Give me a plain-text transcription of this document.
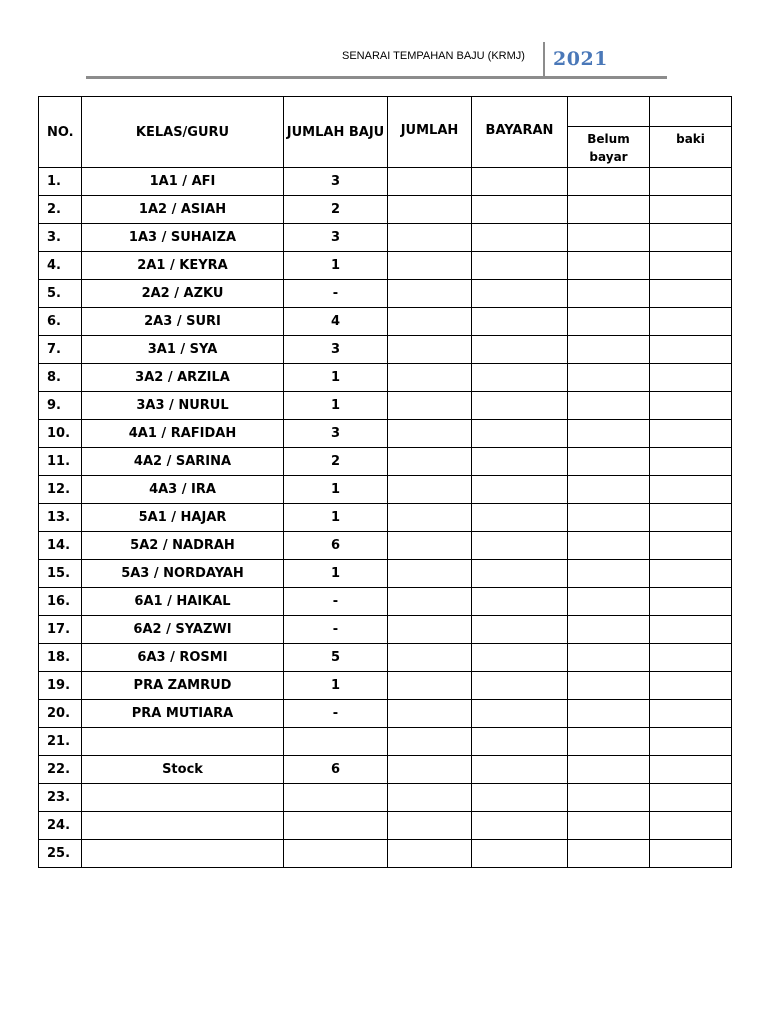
SENARAI TEMPAHAN BAJU (KRMJ) 2021
NO.	KELAS/GURU	JUMLAH BAJU	JUMLAH	BAYARAN		
					Belum bayar	baki
1.	1A1 / AFI	3				
2.	1A2 / ASIAH	2				
3.	1A3 / SUHAIZA	3				
4.	2A1 / KEYRA	1				
5.	2A2 / AZKU	-				
6.	2A3 / SURI	4				
7.	3A1 / SYA	3				
8.	3A2 / ARZILA	1				
9.	3A3 / NURUL	1				
10.	4A1 / RAFIDAH	3				
11.	4A2 / SARINA	2				
12.	4A3 / IRA	1				
13.	5A1 / HAJAR	1				
14.	5A2 / NADRAH	6				
15.	5A3 / NORDAYAH	1				
16.	6A1 / HAIKAL	-				
17.	6A2 / SYAZWI	-				
18.	6A3 / ROSMI	5				
19.	PRA ZAMRUD	1				
20.	PRA MUTIARA	-				
21.						
22.	Stock	6				
23.						
24.						
25.						
